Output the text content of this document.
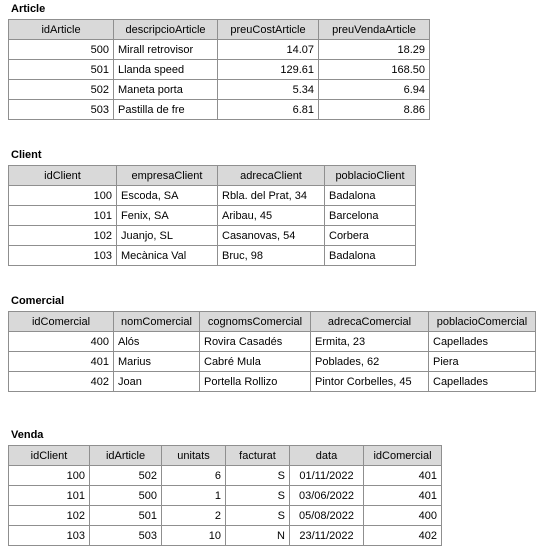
Article
idArticle	descripcioArticle	preuCostArticle	preuVendaArticle
500	Mirall retrovisor	14.07	18.29
501	Llanda speed	129.61	168.50
502	Maneta porta	5.34	6.94
503	Pastilla de fre	6.81	8.86
Client
idClient	empresaClient	adrecaClient	poblacioClient
100	Escoda, SA	Rbla. del Prat, 34	Badalona
101	Fenix, SA	Aribau, 45	Barcelona
102	Juanjo, SL	Casanovas, 54	Corbera
103	Mecànica Val	Bruc, 98	Badalona
Comercial
idComercial	nomComercial	cognomsComercial	adrecaComercial	poblacioComercial
400	Alós	Rovira Casadés	Ermita, 23	Capellades
401	Marius	Cabré Mula	Poblades, 62	Piera
402	Joan	Portella Rollizo	Pintor Corbelles, 45	Capellades
Venda
idClient	idArticle	unitats	facturat	data	idComercial
100	502	6	S	01/11/2022	401
101	500	1	S	03/06/2022	401
102	501	2	S	05/08/2022	400
103	503	10	N	23/11/2022	402
